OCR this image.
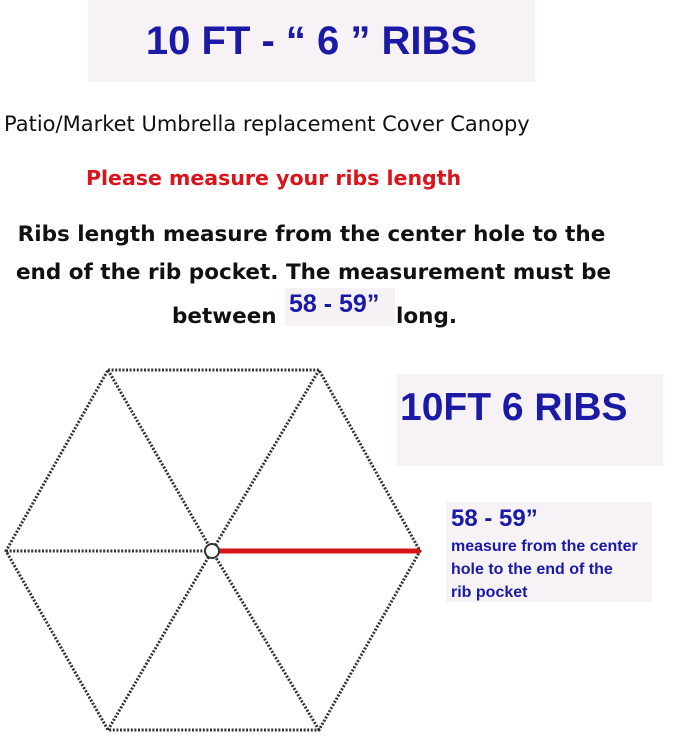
10 FT - “ 6 ” RIBS
Patio/Market Umbrella replacement Cover Canopy
Please measure your ribs length
Ribs length measure from the center hole to the
end of the rib pocket. The measurement must be
between 58 - 59” long.
10FT 6 RIBS
58 - 59”
measure from the center
hole to the end of the
rib pocket
